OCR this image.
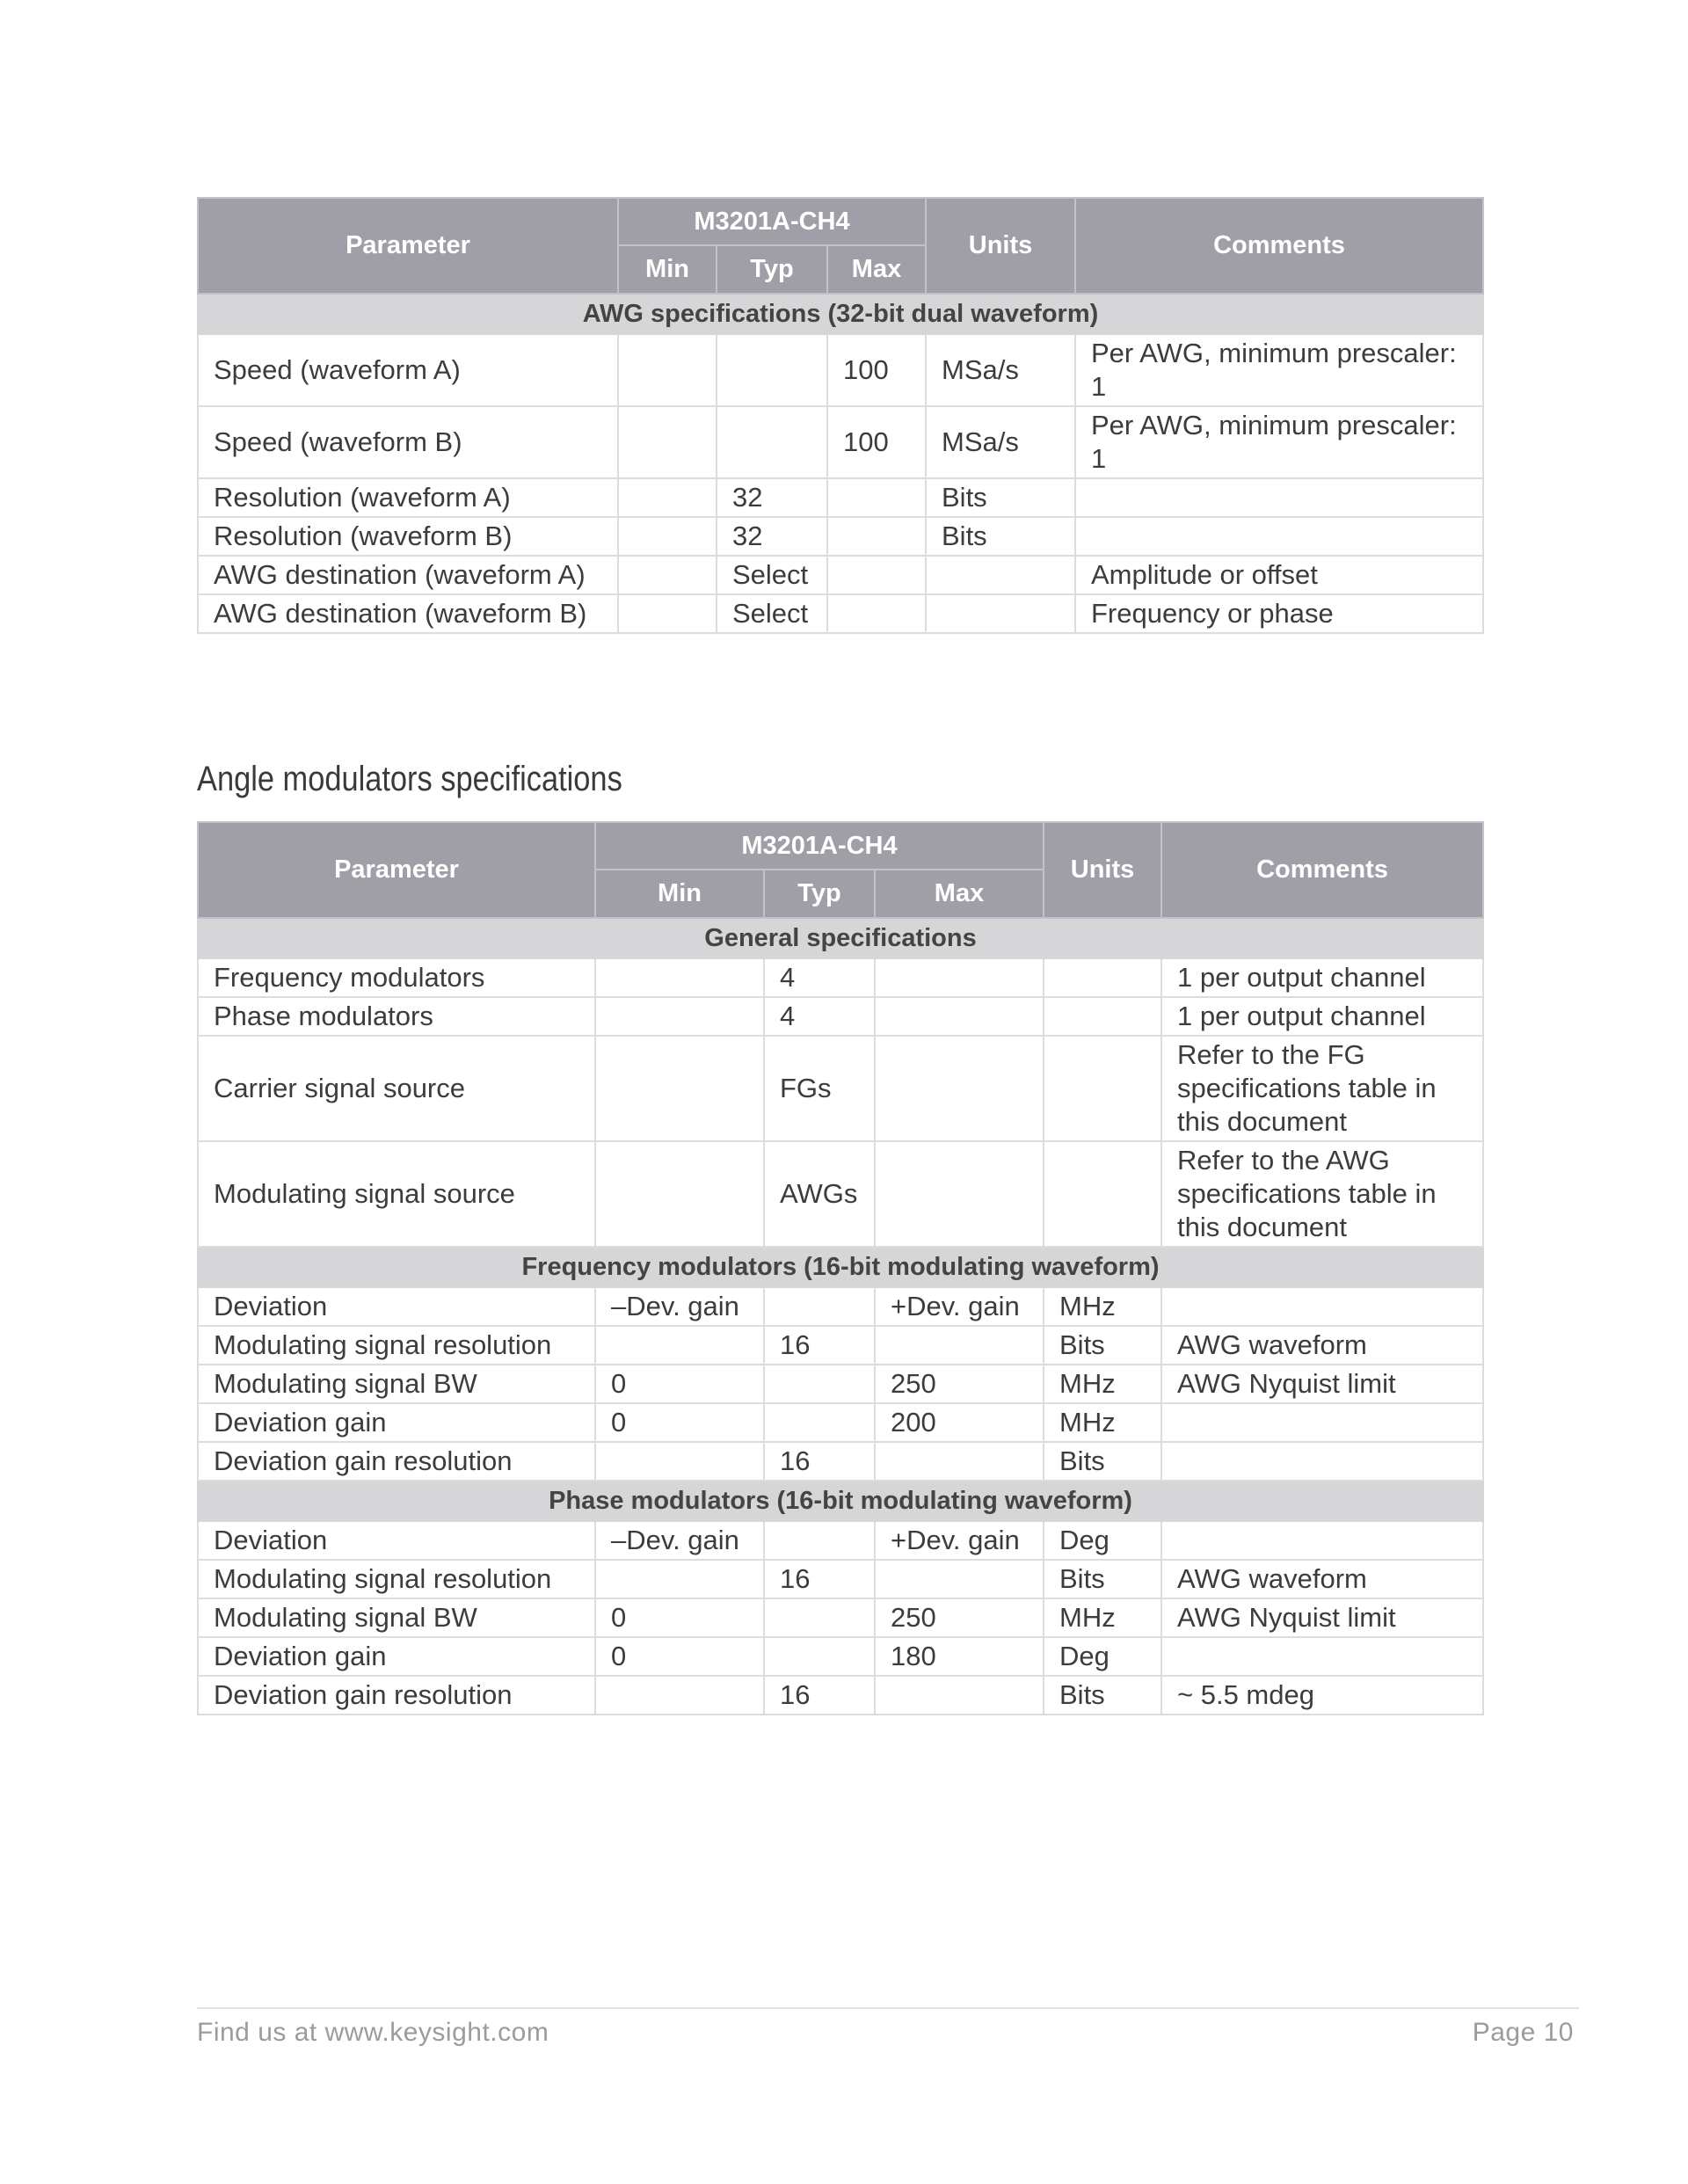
Parameter	M3201A-CH4			Units	Comments
	Min	Typ	Max		
AWG specifications (32-bit dual waveform)					
Speed (waveform A)			100	MSa/s	Per AWG, minimum prescaler: 1
Speed (waveform B)			100	MSa/s	Per AWG, minimum prescaler: 1
Resolution (waveform A)		32		Bits	
Resolution (waveform B)		32		Bits	
AWG destination (waveform A)		Select			Amplitude or offset
AWG destination (waveform B)		Select			Frequency or phase
Angle modulators specifications
Parameter	M3201A-CH4			Units	Comments
	Min	Typ	Max		
General specifications					
Frequency modulators		4			1 per output channel
Phase modulators		4			1 per output channel
Carrier signal source		FGs			Refer to the FG specifications table in this document
Modulating signal source		AWGs			Refer to the AWG specifications table in this document
Frequency modulators (16-bit modulating waveform)					
Deviation	–Dev. gain		+Dev. gain	MHz	
Modulating signal resolution		16		Bits	AWG waveform
Modulating signal BW	0		250	MHz	AWG Nyquist limit
Deviation gain	0		200	MHz	
Deviation gain resolution		16		Bits	
Phase modulators (16-bit modulating waveform)					
Deviation	–Dev. gain		+Dev. gain	Deg	
Modulating signal resolution		16		Bits	AWG waveform
Modulating signal BW	0		250	MHz	AWG Nyquist limit
Deviation gain	0		180	Deg	
Deviation gain resolution		16		Bits	~ 5.5 mdeg
Find us at www.keysight.com	Page 10
